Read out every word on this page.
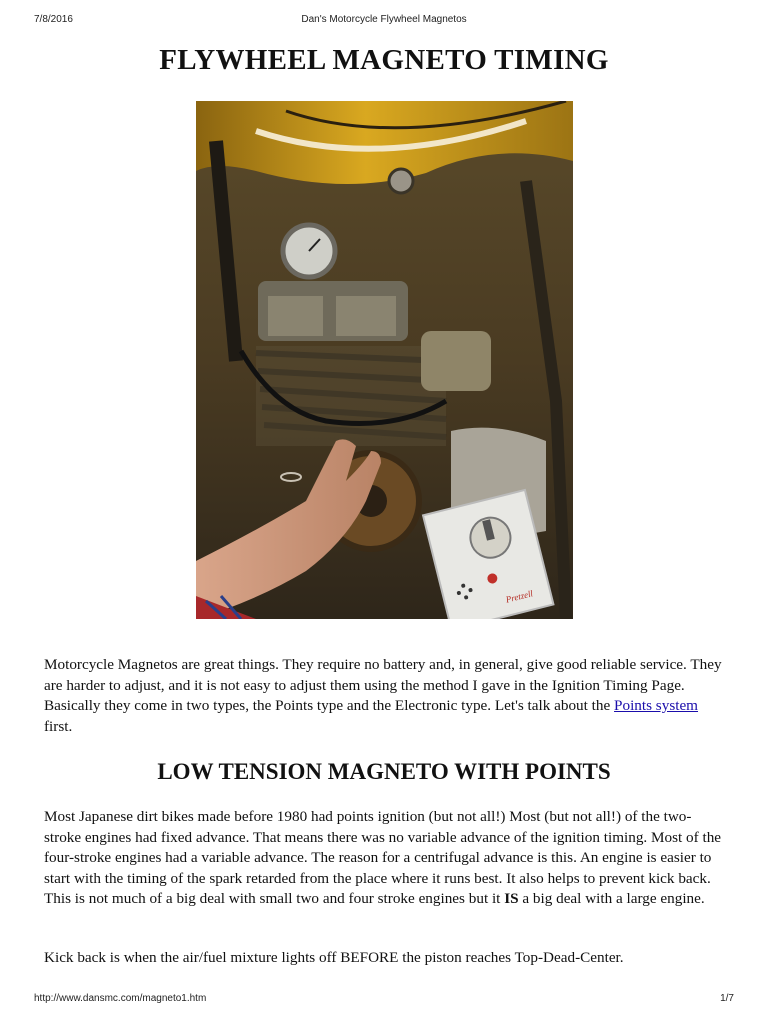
7/8/2016	Dan's Motorcycle Flywheel Magnetos
FLYWHEEL MAGNETO TIMING
Pretzell

Motorcycle Magnetos are great things. They require no battery and, in general, give good reliable service. They are harder to adjust, and it is not easy to adjust them using the method I gave in the Ignition Timing Page. Basically they come in two types, the Points type and the Electronic type. Let's talk about the Points system first.

LOW TENSION MAGNETO WITH POINTS

Most Japanese dirt bikes made before 1980 had points ignition (but not all!) Most (but not all!) of the two-stroke engines had fixed advance. That means there was no variable advance of the ignition timing. Most of the four-stroke engines had a variable advance. The reason for a centrifugal advance is this. An engine is easier to start with the timing of the spark retarded from the place where it runs best. It also helps to prevent kick back. This is not much of a big deal with small two and four stroke engines but it IS a big deal with a large engine.

Kick back is when the air/fuel mixture lights off BEFORE the piston reaches Top-Dead-Center.

http://www.dansmc.com/magneto1.htm	1/7
